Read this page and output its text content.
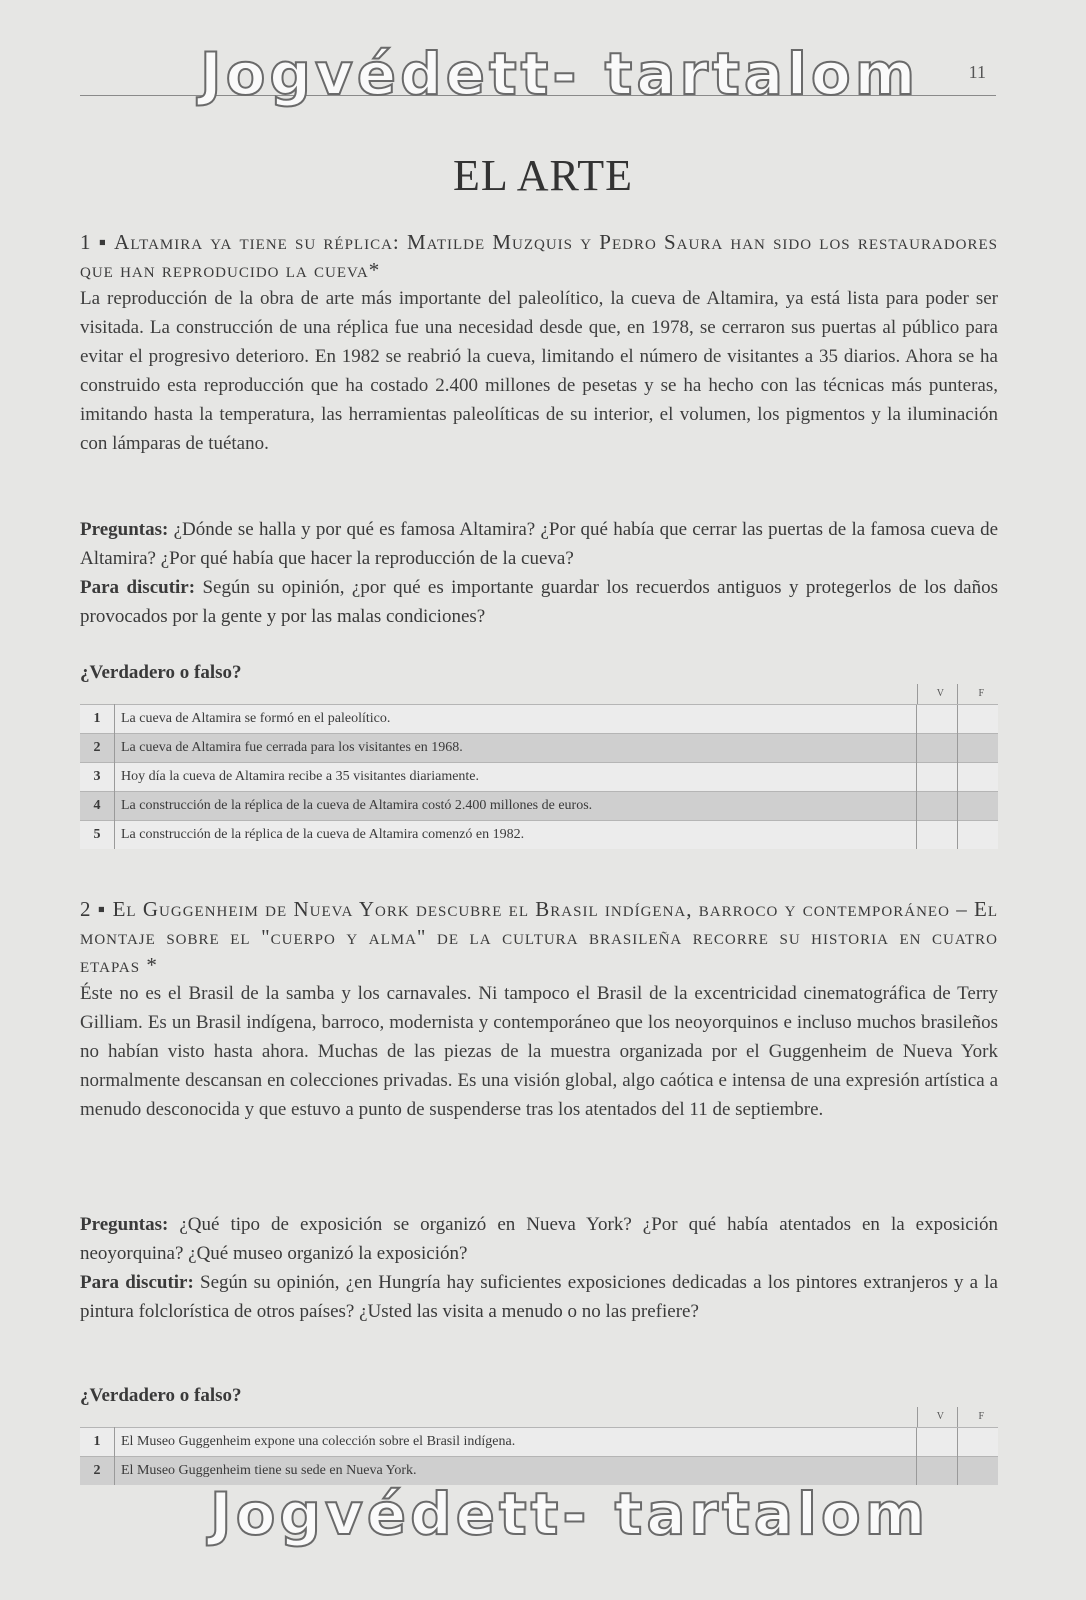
Jogvédett- tartalom	11
EL ARTE
1 ▪ Altamira ya tiene su réplica: Matilde Muzquis y Pedro Saura han sido los restauradores que han reproducido la cueva*

La reproducción de la obra de arte más importante del paleolítico, la cueva de Altamira, ya está lista para poder ser visitada. La construcción de una réplica fue una necesidad desde que, en 1978, se cerraron sus puertas al público para evitar el progresivo deterioro. En 1982 se reabrió la cueva, limitando el número de visitantes a 35 diarios. Ahora se ha construido esta reproducción que ha costado 2.400 millones de pesetas y se ha hecho con las técnicas más punteras, imitando hasta la temperatura, las herramientas paleolíticas de su interior, el volumen, los pigmentos y la iluminación con lámparas de tuétano.

Preguntas: ¿Dónde se halla y por qué es famosa Altamira? ¿Por qué había que cerrar las puertas de la famosa cueva de Altamira? ¿Por qué había que hacer la reproducción de la cueva?

Para discutir: Según su opinión, ¿por qué es importante guardar los recuerdos antiguos y protegerlos de los daños provocados por la gente y por las malas condiciones?

¿Verdadero o falso?
V	F
1	La cueva de Altamira se formó en el paleolítico.		
2	La cueva de Altamira fue cerrada para los visitantes en 1968.		
3	Hoy día la cueva de Altamira recibe a 35 visitantes diariamente.		
4	La construcción de la réplica de la cueva de Altamira costó 2.400 millones de euros.		
5	La construcción de la réplica de la cueva de Altamira comenzó en 1982.		
2 ▪ El Guggenheim de Nueva York descubre el Brasil indígena, barroco y contemporáneo – El montaje sobre el "cuerpo y alma" de la cultura brasileña recorre su historia en cuatro etapas *

Éste no es el Brasil de la samba y los carnavales. Ni tampoco el Brasil de la excentricidad cinematográfica de Terry Gilliam. Es un Brasil indígena, barroco, modernista y contemporáneo que los neoyorquinos e incluso muchos brasileños no habían visto hasta ahora. Muchas de las piezas de la muestra organizada por el Guggenheim de Nueva York normalmente descansan en colecciones privadas. Es una visión global, algo caótica e intensa de una expresión artística a menudo desconocida y que estuvo a punto de suspenderse tras los atentados del 11 de septiembre.

Preguntas: ¿Qué tipo de exposición se organizó en Nueva York? ¿Por qué había atentados en la exposición neoyorquina? ¿Qué museo organizó la exposición?

Para discutir: Según su opinión, ¿en Hungría hay suficientes exposiciones dedicadas a los pintores extranjeros y a la pintura folclorística de otros países? ¿Usted las visita a menudo o no las prefiere?

¿Verdadero o falso?
V	F
1	El Museo Guggenheim expone una colección sobre el Brasil indígena.		
2	El Museo Guggenheim tiene su sede en Nueva York.		
Jogvédett- tartalom
